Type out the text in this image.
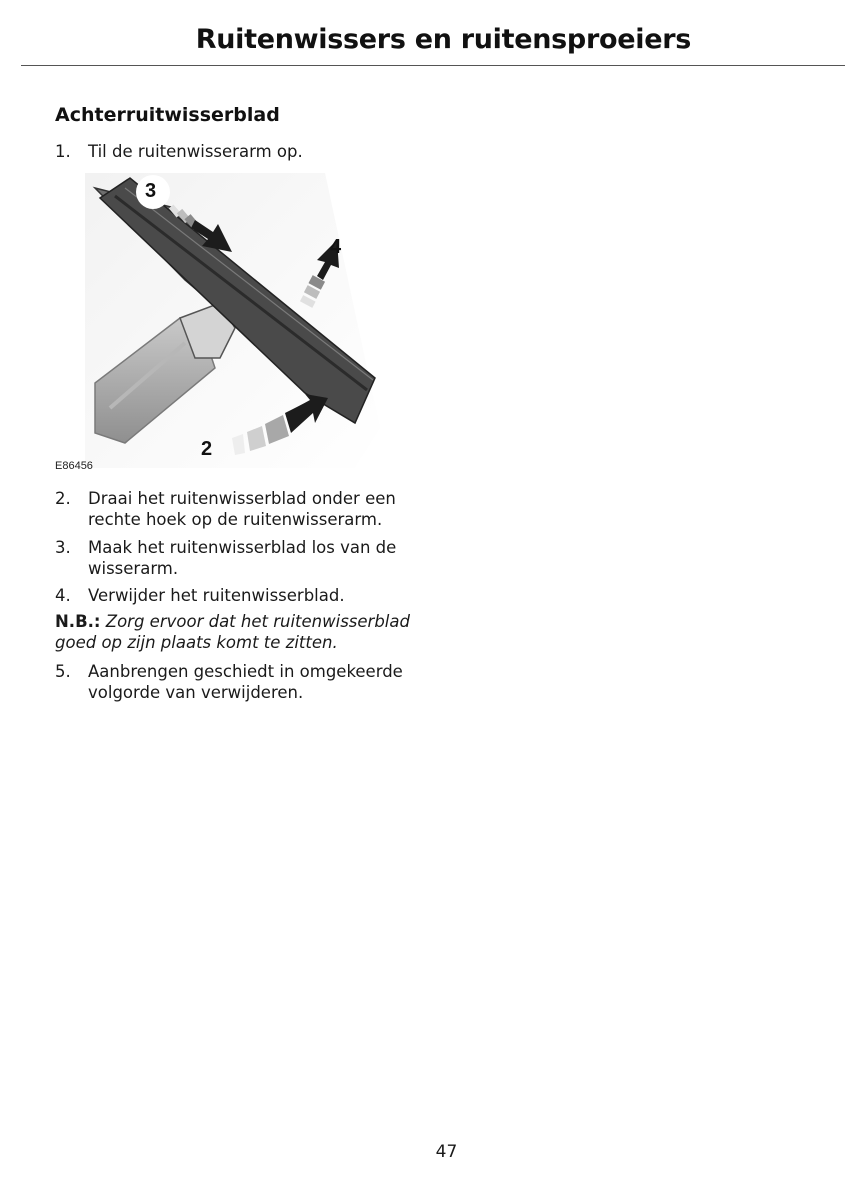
Ruitenwissers en ruitensproeiers
Achterruitwisserblad
1. Til de ruitenwisserarm op.
3
4
2
E86456
2. Draai het ruitenwisserblad onder een rechte hoek op de ruitenwisserarm.
3. Maak het ruitenwisserblad los van de wisserarm.
4. Verwijder het ruitenwisserblad.
N.B.: Zorg ervoor dat het ruitenwisserblad goed op zijn plaats komt te zitten.
5. Aanbrengen geschiedt in omgekeerde volgorde van verwijderen.
47
